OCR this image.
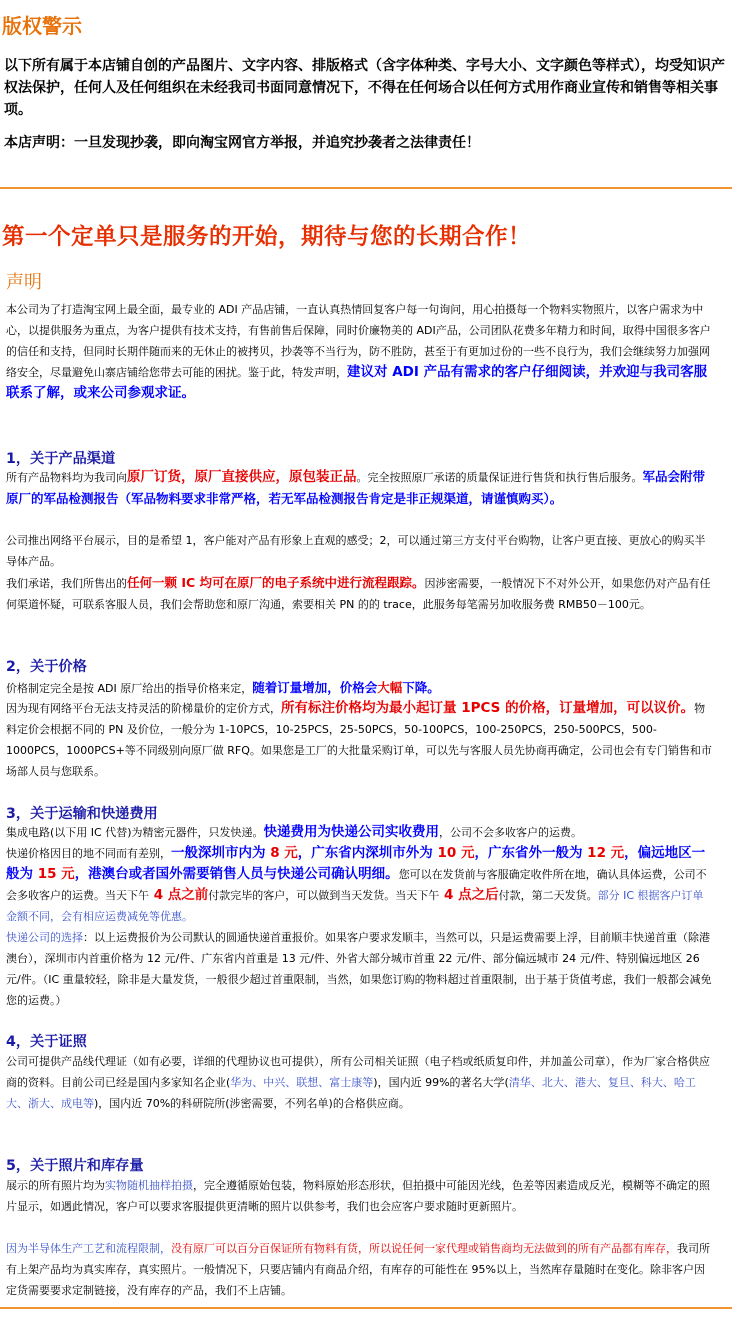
版权警示
以下所有属于本店铺自创的产品图片、文字内容、排版格式（含字体种类、字号大小、文字颜色等样式），均受知识产权法保护，任何人及任何组织在未经我司书面同意情况下，不得在任何场合以任何方式用作商业宣传和销售等相关事项。
本店声明：一旦发现抄袭，即向淘宝网官方举报，并追究抄袭者之法律责任！
第一个定单只是服务的开始，期待与您的长期合作！
声明
本公司为了打造淘宝网上最全面，最专业的 ADI 产品店铺，一直认真热情回复客户每一句询问，用心拍摄每一个物料实物照片，以客户需求为中心，以提供服务为重点，为客户提供有技术支持，有售前售后保障，同时价廉物美的 ADI产品，公司团队花费多年精力和时间，取得中国很多客户的信任和支持，但同时长期伴随而来的无休止的被拷贝，抄袭等不当行为，防不胜防，甚至于有更加过份的一些不良行为，我们会继续努力加强网络安全，尽量避免山寨店铺给您带去可能的困扰。鉴于此，特发声明，建议对 ADI 产品有需求的客户仔细阅读，并欢迎与我司客服联系了解，或来公司参观求证。
1，关于产品渠道
所有产品物料均为我司向原厂订货，原厂直接供应，原包装正品。完全按照原厂承诺的质量保证进行售货和执行售后服务。军品会附带原厂的军品检测报告（军品物料要求非常严格，若无军品检测报告肯定是非正规渠道，请谨慎购买）。
公司推出网络平台展示，目的是希望 1，客户能对产品有形象上直观的感受；2，可以通过第三方支付平台购物，让客户更直接、更放心的购买半导体产品。
我们承诺，我们所售出的任何一颗 IC 均可在原厂的电子系统中进行流程跟踪。因涉密需要，一般情况下不对外公开，如果您仍对产品有任何渠道怀疑，可联系客服人员，我们会帮助您和原厂沟通，索要相关 PN 的的 trace，此服务每笔需另加收服务费 RMB50－100元。
2，关于价格
价格制定完全是按 ADI 原厂给出的指导价格来定，随着订量增加，价格会大幅下降。
因为现有网络平台无法支持灵活的阶梯量价的定价方式，所有标注价格均为最小起订量 1PCS 的价格，订量增加，可以议价。物料定价会根据不同的 PN 及价位，一般分为 1-10PCS，10-25PCS，25-50PCS，50-100PCS，100-250PCS，250-500PCS，500-1000PCS，1000PCS+等不同级别向原厂做 RFQ。如果您是工厂的大批量采购订单，可以先与客服人员先协商再确定，公司也会有专门销售和市场部人员与您联系。
3，关于运输和快递费用
集成电路(以下用 IC 代替)为精密元器件，只发快递。快递费用为快递公司实收费用，公司不会多收客户的运费。
快递价格因目的地不同而有差别，一般深圳市内为 8 元，广东省内深圳市外为 10 元，广东省外一般为 12 元，偏远地区一般为 15 元，港澳台或者国外需要销售人员与快递公司确认明细。您可以在发货前与客服确定收件所在地，确认具体运费，公司不会多收客户的运费。当天下午 4 点之前付款完毕的客户，可以做到当天发货。当天下午 4 点之后付款，第二天发货。部分 IC 根据客户订单金额不同，会有相应运费减免等优惠。
快递公司的选择：以上运费报价为公司默认的圆通快递首重报价。如果客户要求发顺丰，当然可以，只是运费需要上浮，目前顺丰快递首重（除港澳台），深圳市内首重价格为 12 元/件、广东省内首重是 13 元/件、外省大部分城市首重 22 元/件、部分偏远城市 24 元/件、特别偏远地区 26 元/件。（IC 重量较轻，除非是大量发货，一般很少超过首重限制，当然，如果您订购的物料超过首重限制，出于基于货值考虑，我们一般都会减免您的运费。）
4，关于证照
公司可提供产品线代理证（如有必要，详细的代理协议也可提供），所有公司相关证照（电子档或纸质复印件，并加盖公司章），作为厂家合格供应商的资料。目前公司已经是国内多家知名企业(华为、中兴、联想、富士康等)，国内近 99%的著名大学(清华、北大、港大、复旦、科大、哈工大、浙大、成电等)，国内近 70%的科研院所(涉密需要，不列名单)的合格供应商。
5，关于照片和库存量
展示的所有照片均为实物随机抽样拍摄，完全遵循原始包装，物料原始形态形状，但拍摄中可能因光线，色差等因素造成反光，模糊等不确定的照片显示，如遇此情况，客户可以要求客服提供更清晰的照片以供参考，我们也会应客户要求随时更新照片。
因为半导体生产工艺和流程限制，没有原厂可以百分百保证所有物料有货，所以说任何一家代理或销售商均无法做到的所有产品都有库存，我司所有上架产品均为真实库存，真实照片。一般情况下，只要店铺内有商品介绍，有库存的可能性在 95%以上，当然库存量随时在变化。除非客户因定货需要要求定制链接，没有库存的产品，我们不上店铺。
